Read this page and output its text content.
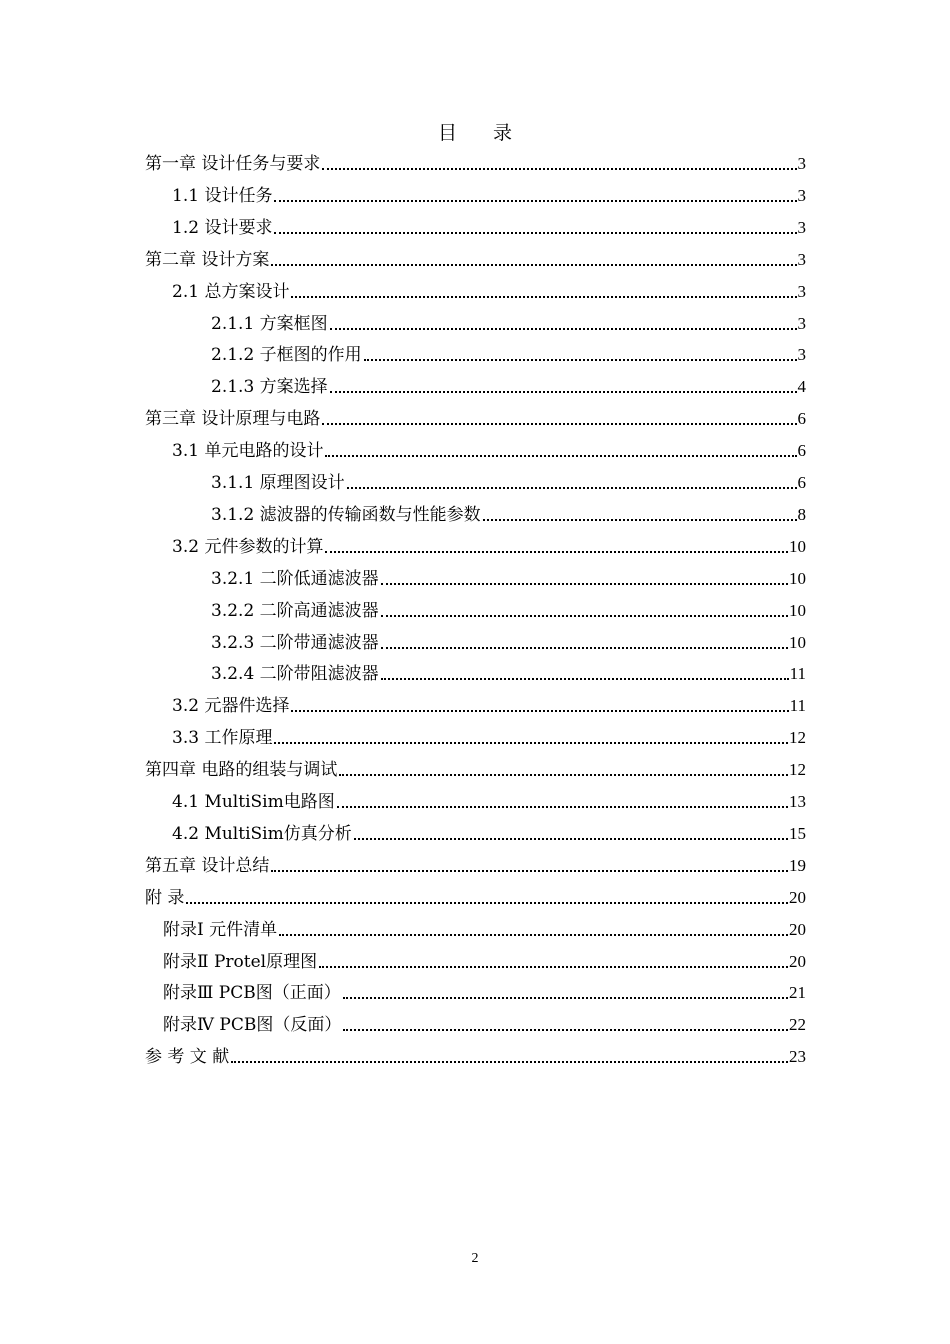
目 录
第一章 设计任务与要求	3
1.1 设计任务	3
1.2 设计要求	3
第二章 设计方案	3
2.1 总方案设计	3
2.1.1 方案框图	3
2.1.2 子框图的作用	3
2.1.3 方案选择	4
第三章 设计原理与电路	6
3.1 单元电路的设计	6
3.1.1 原理图设计	6
3.1.2 滤波器的传输函数与性能参数	8
3.2 元件参数的计算	10
3.2.1 二阶低通滤波器	10
3.2.2 二阶高通滤波器	10
3.2.3 二阶带通滤波器	10
3.2.4 二阶带阻滤波器	11
3.2 元器件选择	11
3.3 工作原理	12
第四章 电路的组装与调试	12
4.1 MultiSim电路图	13
4.2 MultiSim仿真分析	15
第五章 设计总结	19
附 录	20
附录Ⅰ 元件清单	20
附录Ⅱ Protel原理图	20
附录Ⅲ PCB图（正面）	21
附录Ⅳ PCB图（反面）	22
参 考 文 献	23
2
